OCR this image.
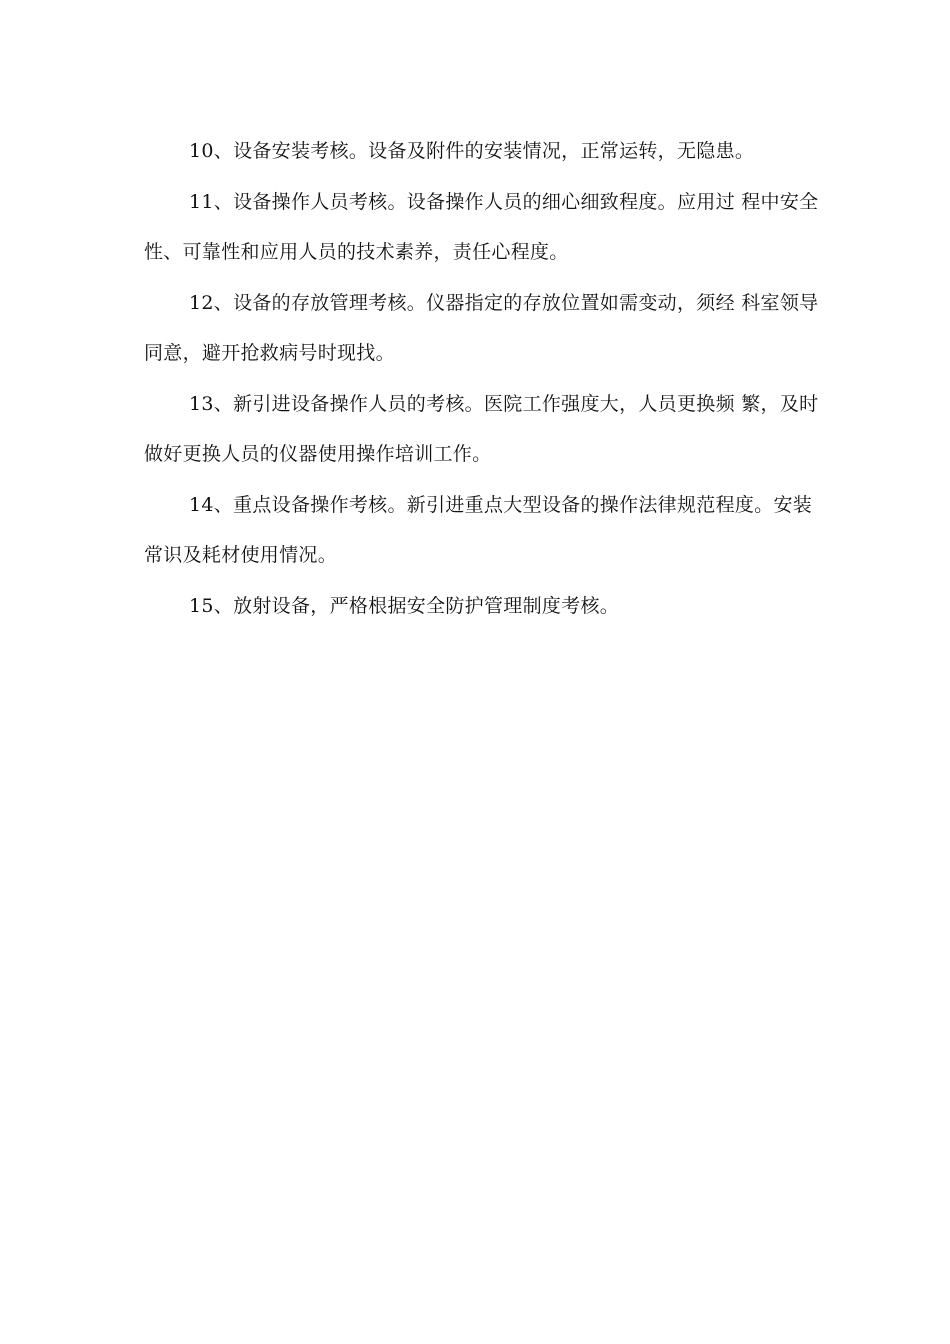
10、设备安装考核。设备及附件的安装情况，正常运转，无隐患。

11、设备操作人员考核。设备操作人员的细心细致程度。应用过 程中安全性、可靠性和应用人员的技术素养，责任心程度。

12、设备的存放管理考核。仪器指定的存放位置如需变动，须经 科室领导同意，避开抢救病号时现找。

13、新引进设备操作人员的考核。医院工作强度大，人员更换频 繁，及时做好更换人员的仪器使用操作培训工作。

14、重点设备操作考核。新引进重点大型设备的操作法律规范程度。安装常识及耗材使用情况。

15、放射设备，严格根据安全防护管理制度考核。
